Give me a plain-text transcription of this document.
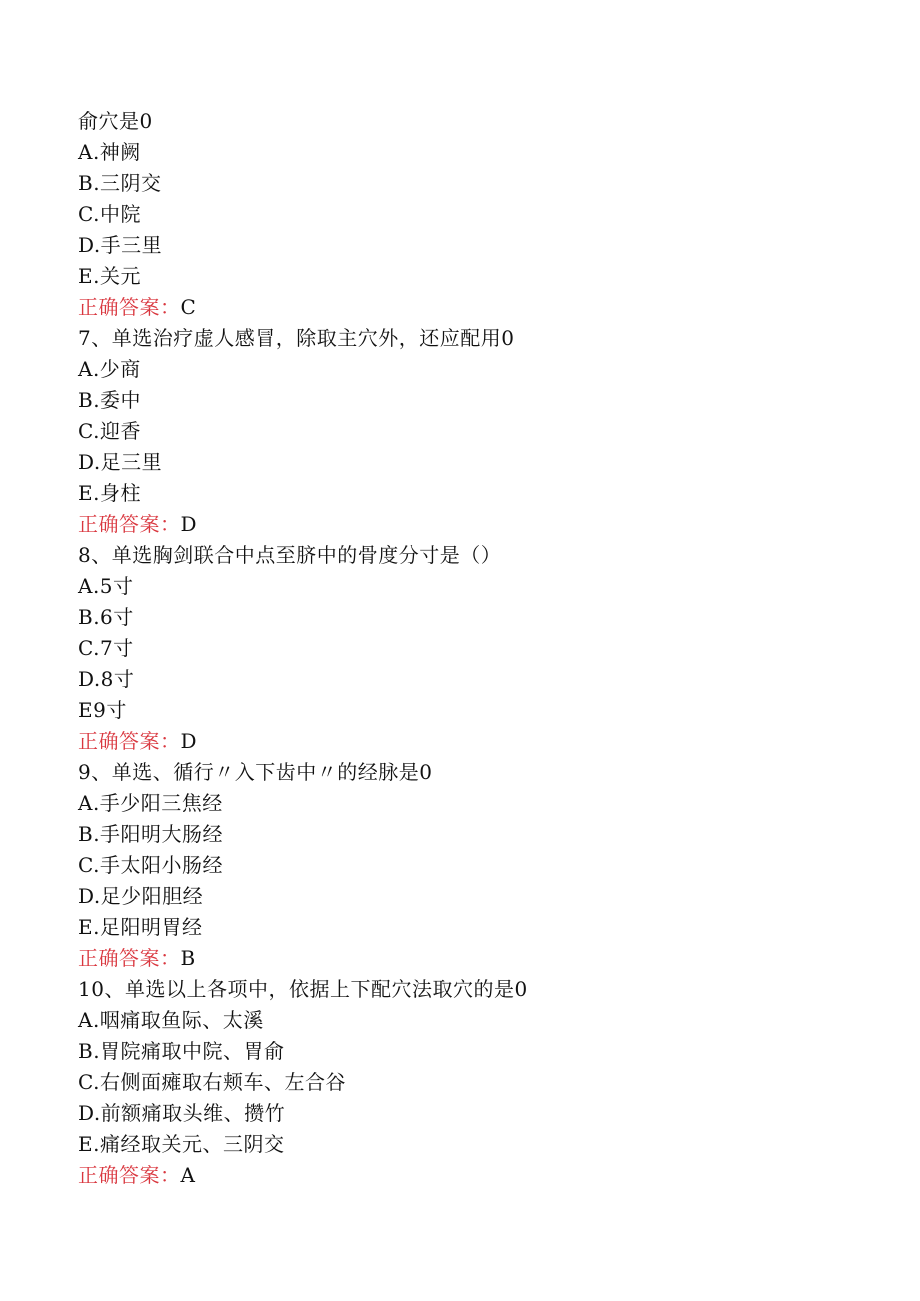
俞穴是0
A.神阙
B.三阴交
C.中院
D.手三里
E.关元
正确答案：C
7、单选治疗虚人感冒，除取主穴外，还应配用0
A.少商
B.委中
C.迎香
D.足三里
E.身柱
正确答案：D
8、单选胸剑联合中点至脐中的骨度分寸是（）
A.5寸
B.6寸
C.7寸
D.8寸
E9寸
正确答案：D
9、单选、循行〃入下齿中〃的经脉是0
A.手少阳三焦经
B.手阳明大肠经
C.手太阳小肠经
D.足少阳胆经
E.足阳明胃经
正确答案：B
10、单选以上各项中，依据上下配穴法取穴的是0
A.咽痛取鱼际、太溪
B.胃院痛取中院、胃俞
C.右侧面瘫取右颊车、左合谷
D.前额痛取头维、攒竹
E.痛经取关元、三阴交
正确答案：A
